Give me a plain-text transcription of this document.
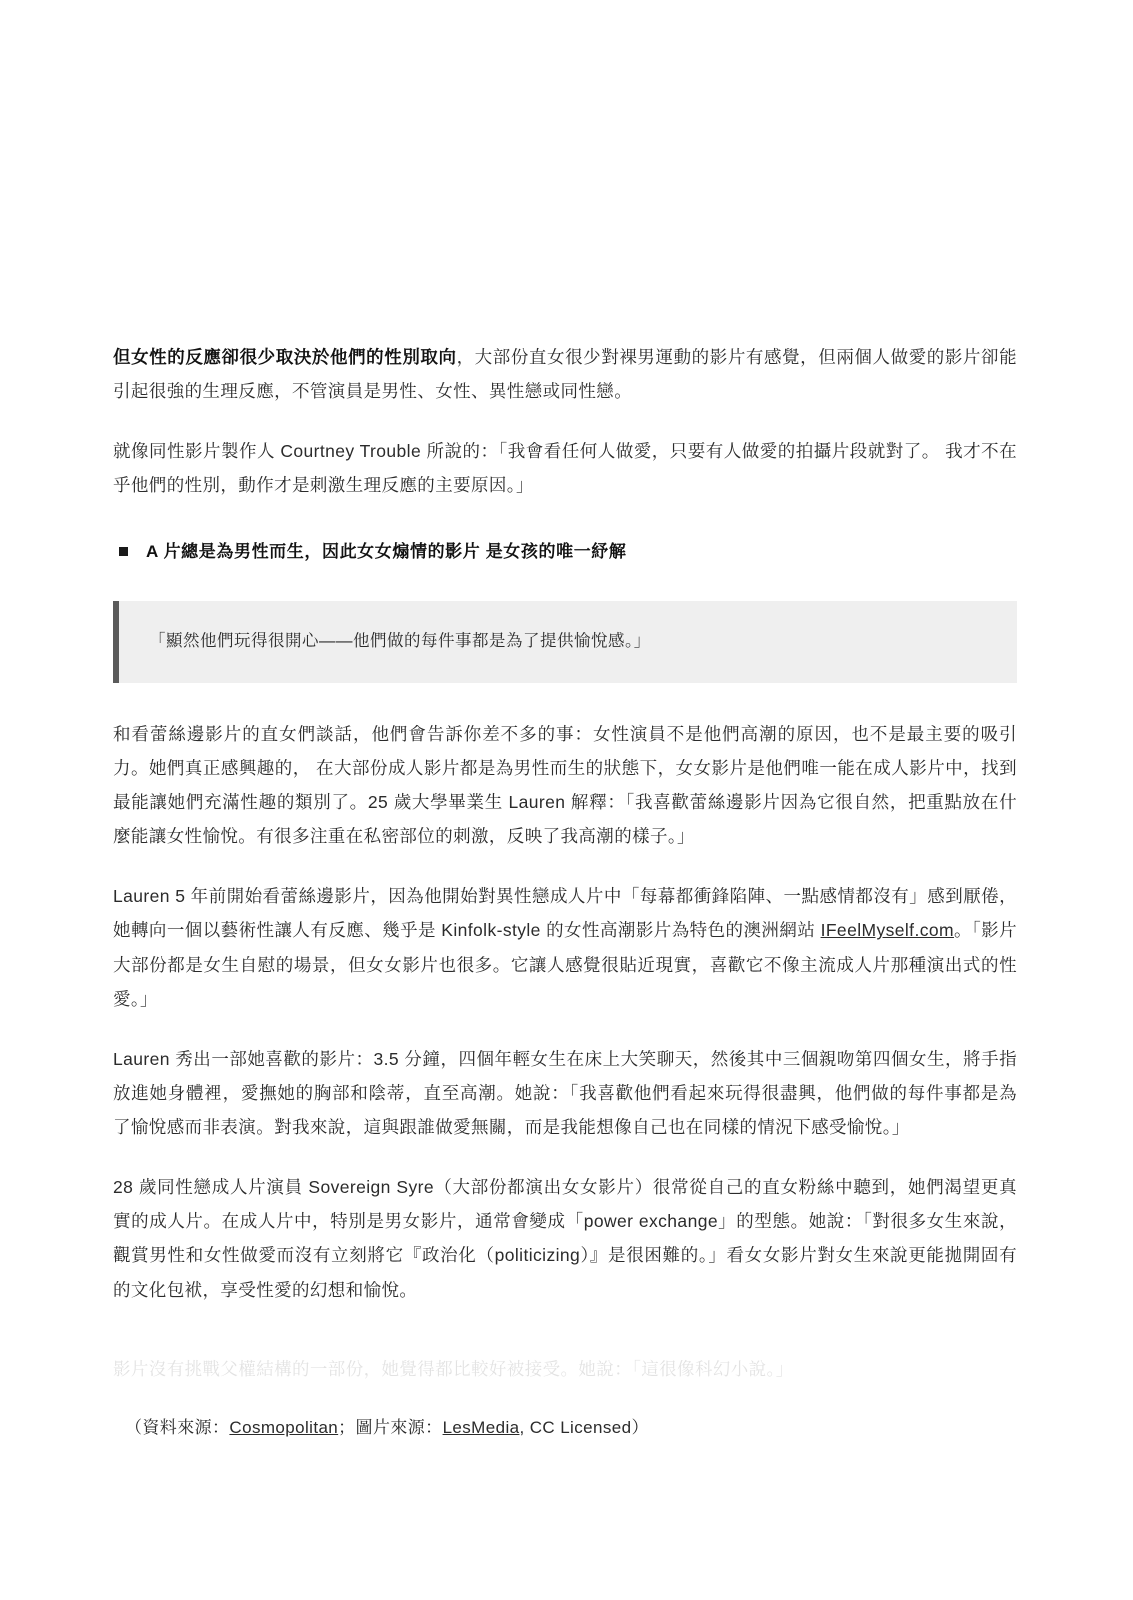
但女性的反應卻很少取決於他們的性別取向，大部份直女很少對裸男運動的影片有感覺，但兩個人做愛的影片卻能引起很強的生理反應，不管演員是男性、女性、異性戀或同性戀。

就像同性影片製作人 Courtney Trouble 所說的：「我會看任何人做愛，只要有人做愛的拍攝片段就對了。 我才不在乎他們的性別，動作才是刺激生理反應的主要原因。」

A 片總是為男性而生，因此女女煽情的影片 是女孩的唯一紓解
「顯然他們玩得很開心——他們做的每件事都是為了提供愉悅感。」

和看蕾絲邊影片的直女們談話，他們會告訴你差不多的事：女性演員不是他們高潮的原因，也不是最主要的吸引力。她們真正感興趣的， 在大部份成人影片都是為男性而生的狀態下，女女影片是他們唯一能在成人影片中，找到最能讓她們充滿性趣的類別了。25 歲大學畢業生 Lauren 解釋：「我喜歡蕾絲邊影片因為它很自然，把重點放在什麼能讓女性愉悅。有很多注重在私密部位的刺激，反映了我高潮的樣子。」

Lauren 5 年前開始看蕾絲邊影片，因為他開始對異性戀成人片中「每幕都衝鋒陷陣、一點感情都沒有」感到厭倦，她轉向一個以藝術性讓人有反應、幾乎是 Kinfolk-style 的女性高潮影片為特色的澳洲網站 IFeelMyself.com。「影片大部份都是女生自慰的場景，但女女影片也很多。它讓人感覺很貼近現實，喜歡它不像主流成人片那種演出式的性愛。」

Lauren 秀出一部她喜歡的影片：3.5 分鐘，四個年輕女生在床上大笑聊天，然後其中三個親吻第四個女生，將手指放進她身體裡，愛撫她的胸部和陰蒂，直至高潮。她說：「我喜歡他們看起來玩得很盡興，他們做的每件事都是為了愉悅感而非表演。對我來說，這與跟誰做愛無關，而是我能想像自己也在同樣的情況下感受愉悅。」

28 歲同性戀成人片演員 Sovereign Syre（大部份都演出女女影片）很常從自己的直女粉絲中聽到，她們渴望更真實的成人片。在成人片中，特別是男女影片，通常會變成「power exchange」的型態。她說：「對很多女生來說，觀賞男性和女性做愛而沒有立刻將它『政治化（politicizing）』是很困難的。」看女女影片對女生來說更能拋開固有的文化包袱，享受性愛的幻想和愉悅。

影片沒有挑戰父權結構的一部份，她覺得都比較好被接受。她說：「這很像科幻小說。」

（資料來源：Cosmopolitan；圖片來源：LesMedia, CC Licensed）
